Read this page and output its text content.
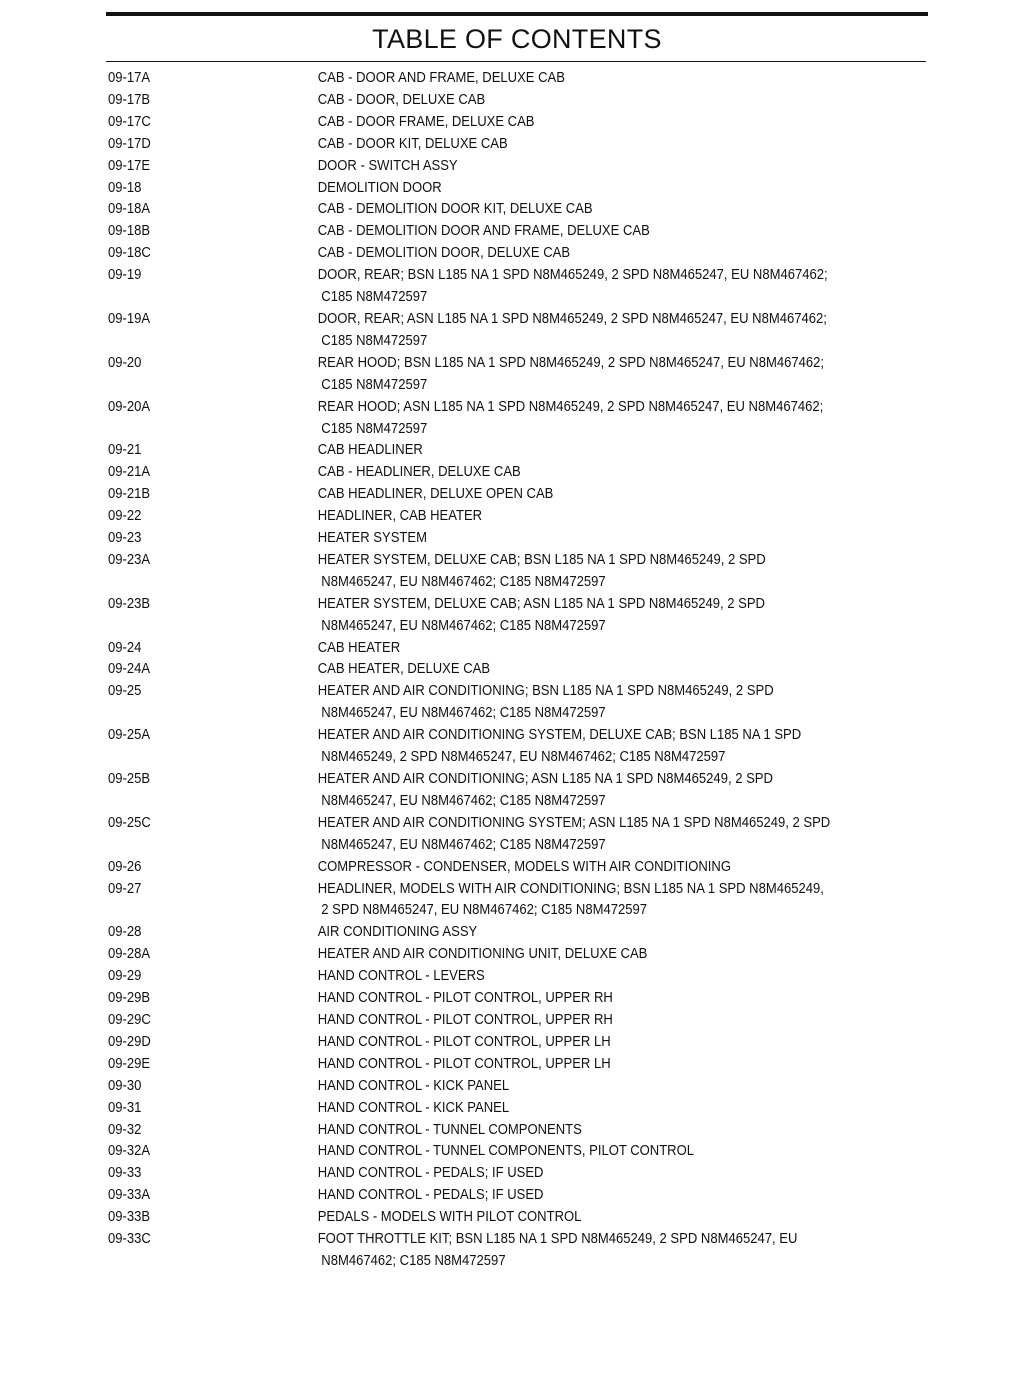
TABLE OF CONTENTS
09-17A	CAB - DOOR AND FRAME, DELUXE CAB
09-17B	CAB - DOOR, DELUXE CAB
09-17C	CAB - DOOR FRAME, DELUXE CAB
09-17D	CAB - DOOR KIT, DELUXE CAB
09-17E	DOOR - SWITCH ASSY
09-18	DEMOLITION DOOR
09-18A	CAB - DEMOLITION DOOR KIT, DELUXE CAB
09-18B	CAB - DEMOLITION DOOR AND FRAME, DELUXE CAB
09-18C	CAB - DEMOLITION DOOR, DELUXE CAB
09-19	DOOR, REAR; BSN L185 NA 1 SPD N8M465249, 2 SPD N8M465247, EU N8M467462;
C185 N8M472597
09-19A	DOOR, REAR; ASN L185 NA 1 SPD N8M465249, 2 SPD N8M465247, EU N8M467462;
C185 N8M472597
09-20	REAR HOOD; BSN L185 NA 1 SPD N8M465249, 2 SPD N8M465247, EU N8M467462;
C185 N8M472597
09-20A	REAR HOOD; ASN L185 NA 1 SPD N8M465249, 2 SPD N8M465247, EU N8M467462;
C185 N8M472597
09-21	CAB HEADLINER
09-21A	CAB - HEADLINER, DELUXE CAB
09-21B	CAB HEADLINER, DELUXE OPEN CAB
09-22	HEADLINER, CAB HEATER
09-23	HEATER SYSTEM
09-23A	HEATER SYSTEM, DELUXE CAB; BSN L185 NA 1 SPD N8M465249, 2 SPD
N8M465247, EU N8M467462; C185 N8M472597
09-23B	HEATER SYSTEM, DELUXE CAB; ASN L185 NA 1 SPD N8M465249, 2 SPD
N8M465247, EU N8M467462; C185 N8M472597
09-24	CAB HEATER
09-24A	CAB HEATER, DELUXE CAB
09-25	HEATER AND AIR CONDITIONING; BSN L185 NA 1 SPD N8M465249, 2 SPD
N8M465247, EU N8M467462; C185 N8M472597
09-25A	HEATER AND AIR CONDITIONING SYSTEM, DELUXE CAB; BSN L185 NA 1 SPD
N8M465249, 2 SPD N8M465247, EU N8M467462; C185 N8M472597
09-25B	HEATER AND AIR CONDITIONING; ASN L185 NA 1 SPD N8M465249, 2 SPD
N8M465247, EU N8M467462; C185 N8M472597
09-25C	HEATER AND AIR CONDITIONING SYSTEM; ASN L185 NA 1 SPD N8M465249, 2 SPD
N8M465247, EU N8M467462; C185 N8M472597
09-26	COMPRESSOR - CONDENSER, MODELS WITH AIR CONDITIONING
09-27	HEADLINER, MODELS WITH AIR CONDITIONING; BSN L185 NA 1 SPD N8M465249,
2 SPD N8M465247, EU N8M467462; C185 N8M472597
09-28	AIR CONDITIONING ASSY
09-28A	HEATER AND AIR CONDITIONING UNIT, DELUXE CAB
09-29	HAND CONTROL - LEVERS
09-29B	HAND CONTROL - PILOT CONTROL, UPPER RH
09-29C	HAND CONTROL - PILOT CONTROL, UPPER RH
09-29D	HAND CONTROL - PILOT CONTROL, UPPER LH
09-29E	HAND CONTROL - PILOT CONTROL, UPPER LH
09-30	HAND CONTROL - KICK PANEL
09-31	HAND CONTROL - KICK PANEL
09-32	HAND CONTROL - TUNNEL COMPONENTS
09-32A	HAND CONTROL - TUNNEL COMPONENTS, PILOT CONTROL
09-33	HAND CONTROL - PEDALS; IF USED
09-33A	HAND CONTROL - PEDALS; IF USED
09-33B	PEDALS - MODELS WITH PILOT CONTROL
09-33C	FOOT THROTTLE KIT; BSN L185 NA 1 SPD N8M465249, 2 SPD N8M465247, EU
N8M467462; C185 N8M472597
